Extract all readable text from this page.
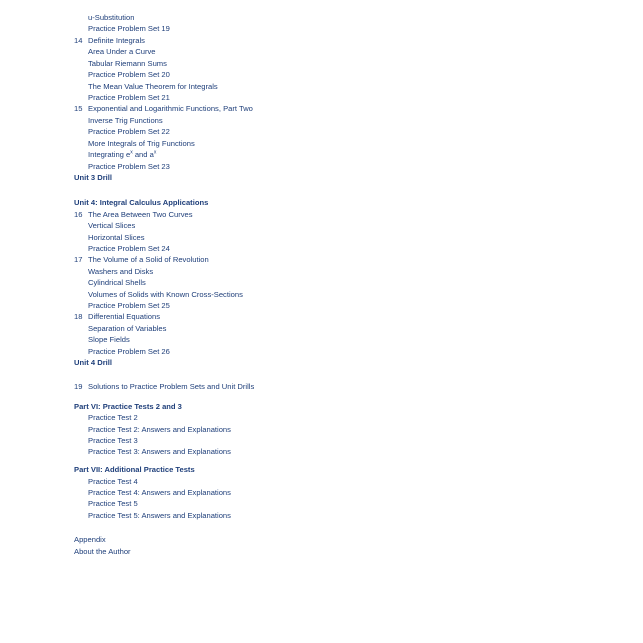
u-Substitution
Practice Problem Set 19
14 Definite Integrals
Area Under a Curve
Tabular Riemann Sums
Practice Problem Set 20
The Mean Value Theorem for Integrals
Practice Problem Set 21
15 Exponential and Logarithmic Functions, Part Two
Inverse Trig Functions
Practice Problem Set 22
More Integrals of Trig Functions
Integrating $e^x$ and $a^x$
Practice Problem Set 23
Unit 3 Drill
Unit 4: Integral Calculus Applications
16 The Area Between Two Curves
Vertical Slices
Horizontal Slices
Practice Problem Set 24
17 The Volume of a Solid of Revolution
Washers and Disks
Cylindrical Shells
Volumes of Solids with Known Cross-Sections
Practice Problem Set 25
18 Differential Equations
Separation of Variables
Slope Fields
Practice Problem Set 26
Unit 4 Drill
19 Solutions to Practice Problem Sets and Unit Drills
Part VI: Practice Tests 2 and 3
Practice Test 2
Practice Test 2: Answers and Explanations
Practice Test 3
Practice Test 3: Answers and Explanations
Part VII: Additional Practice Tests
Practice Test 4
Practice Test 4: Answers and Explanations
Practice Test 5
Practice Test 5: Answers and Explanations
Appendix
About the Author
